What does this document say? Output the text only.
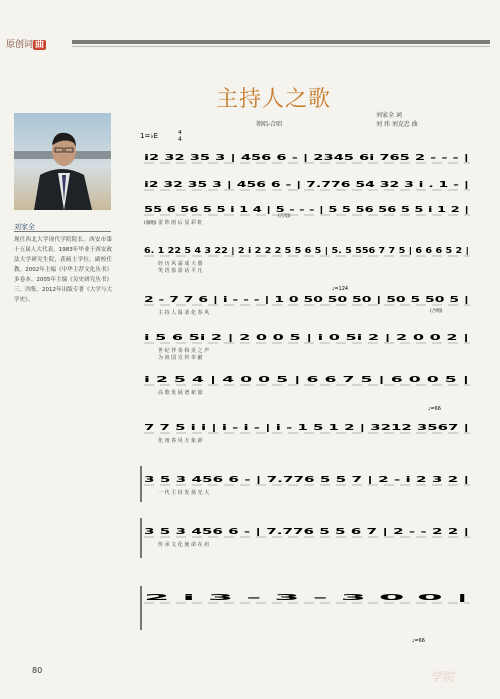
原创词 曲
主持人之歌
刘家全 词
刘 玮 刘克忠 曲
领唱-合唱
刘家全
现任西北大学现代学院院长。西安市第十五届人大代表。1983年毕业于西安政法大学研究生院，获硕士学位。副校任教。2002年主编《中华主荐文化丛书》多卷本。2005年主编《吴史研究丛书》三。四集。2012年出版专著《大学与大学史》。
1=♭E	4
4
(领唱)
(合唱)
(合唱)
♩=124
♩=66
♩=66
i2 32 35 3 | 456 6 - | 2345 6i 765 2 - - - |
i2 32 35 3 | 456 6 - | 7.776 54 32 3 i . 1 - |
55 6 56 5 5 i 1 4 | 5 - - - | 5 5 56 56 5 5 i 1 2 |
雷 阵 雨 后 显 彩 虹
6. 1 22 5 4 3 22 | 2 i 2 2 2 5 5 6 5 | 5. 5 556 7 7 5 | 6 6 6 5 2 |
经 历 风 霜 成 大 器
笑 语 盈 盈 话 平 凡
2 - 7 7 6 | i - - - | 1 0 50 50 50 | 50 5 50 5 |
主 持 人 温 柔 化 春 风
i 5 6 5i 2 | 2 0 0 5 | i 0 5i 2 | 2 0 0 2 |
世 纪 伴 奏 和 美 之 声
为 祖 国 宣 传 奉 献
i 2 5 4 | 4 0 0 5 | 6 6 7 5 | 6 0 0 5 |
高 歌 发 展 谱 新 篇
7 7 5 i i | i - i - | i - 1 5 1 2 | 3212 3567 |
化 雨 春 风 万 象 新
3 5 3 456 6 - | 7.776 5 5 7 | 2 - i 2 3 2 |
一 代 主 持 发 扬 光 大
3 5 3 456 6 - | 7.776 5 5 6 7 | 2 - - 2 2 |
传 承 文 化 使 命 在 肩
2 i 3 - 3 - 3 0 0 |
80	学院
